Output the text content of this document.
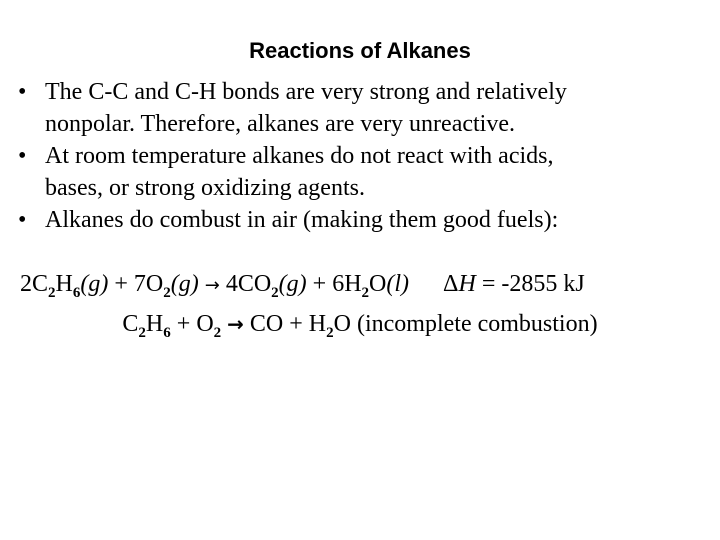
Reactions of Alkanes
• The C-C and C-H bonds are very strong and relatively
nonpolar. Therefore, alkanes are very unreactive.
• At room temperature alkanes do not react with acids,
bases, or strong oxidizing agents.
• Alkanes do combust in air (making them good fuels):
$2C_2H_6(g) + 7O_2(g) \to 4CO_2(g) + 6H_2O(l) \Delta H = -2855$ kJ
$C_2H_6 + O_2$ → CO + $H_2O$ (incomplete combustion)
